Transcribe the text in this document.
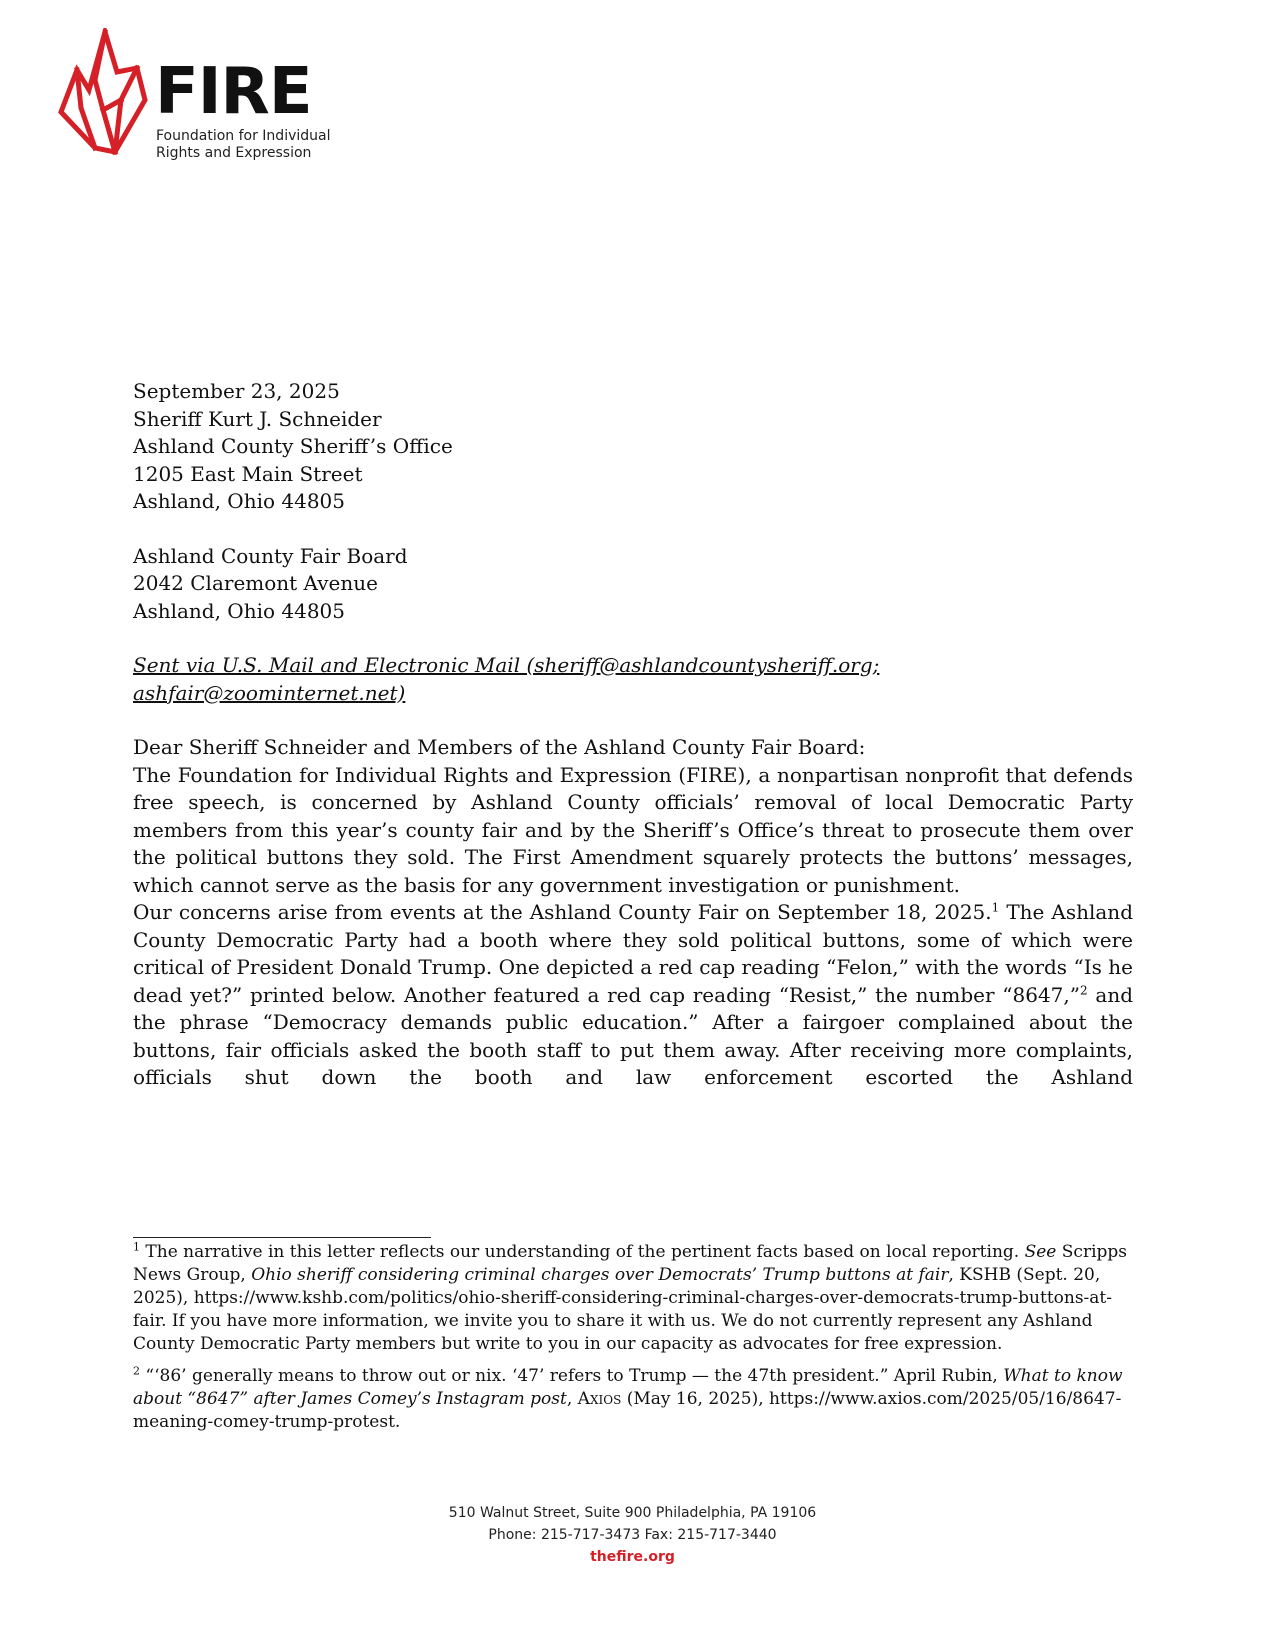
FIRE
Foundation for Individual
Rights and Expression

September 23, 2025

Sheriff Kurt J. Schneider

Ashland County Sheriff’s Office

1205 East Main Street

Ashland, Ohio 44805

Ashland County Fair Board

2042 Claremont Avenue

Ashland, Ohio 44805

Sent via U.S. Mail and Electronic Mail (sheriff@ashlandcountysheriff.org;

ashfair@zoominternet.net)

Dear Sheriff Schneider and Members of the Ashland County Fair Board:

The Foundation for Individual Rights and Expression (FIRE), a nonpartisan nonprofit that defends free speech, is concerned by Ashland County officials’ removal of local Democratic Party members from this year’s county fair and by the Sheriff’s Office’s threat to prosecute them over the political buttons they sold. The First Amendment squarely protects the buttons’ messages, which cannot serve as the basis for any government investigation or punishment.

Our concerns arise from events at the Ashland County Fair on September 18, 2025.$^1$ The Ashland County Democratic Party had a booth where they sold political buttons, some of which were critical of President Donald Trump. One depicted a red cap reading “Felon,” with the words “Is he dead yet?” printed below. Another featured a red cap reading “Resist,” the number “8647,”$^2$ and the phrase “Democracy demands public education.” After a fairgoer complained about the buttons, fair officials asked the booth staff to put them away. After receiving more complaints, officials shut down the booth and law enforcement escorted the Ashland

$^1$ The narrative in this letter reflects our understanding of the pertinent facts based on local reporting. See Scripps News Group, Ohio sheriff considering criminal charges over Democrats’ Trump buttons at fair, KSHB (Sept. 20, 2025), https://www.kshb.com/politics/ohio-sheriff-considering-criminal-charges-over-democrats-trump-buttons-at-fair. If you have more information, we invite you to share it with us. We do not currently represent any Ashland County Democratic Party members but write to you in our capacity as advocates for free expression.

$^2$ “‘86’ generally means to throw out or nix. ‘47’ refers to Trump — the 47th president.” April Rubin, What to know about “8647” after James Comey’s Instagram post, Axios (May 16, 2025), https://www.axios.com/2025/05/16/8647-meaning-comey-trump-protest.

510 Walnut Street, Suite 900 Philadelphia, PA 19106
Phone: 215-717-3473 Fax: 215-717-3440
thefire.org
